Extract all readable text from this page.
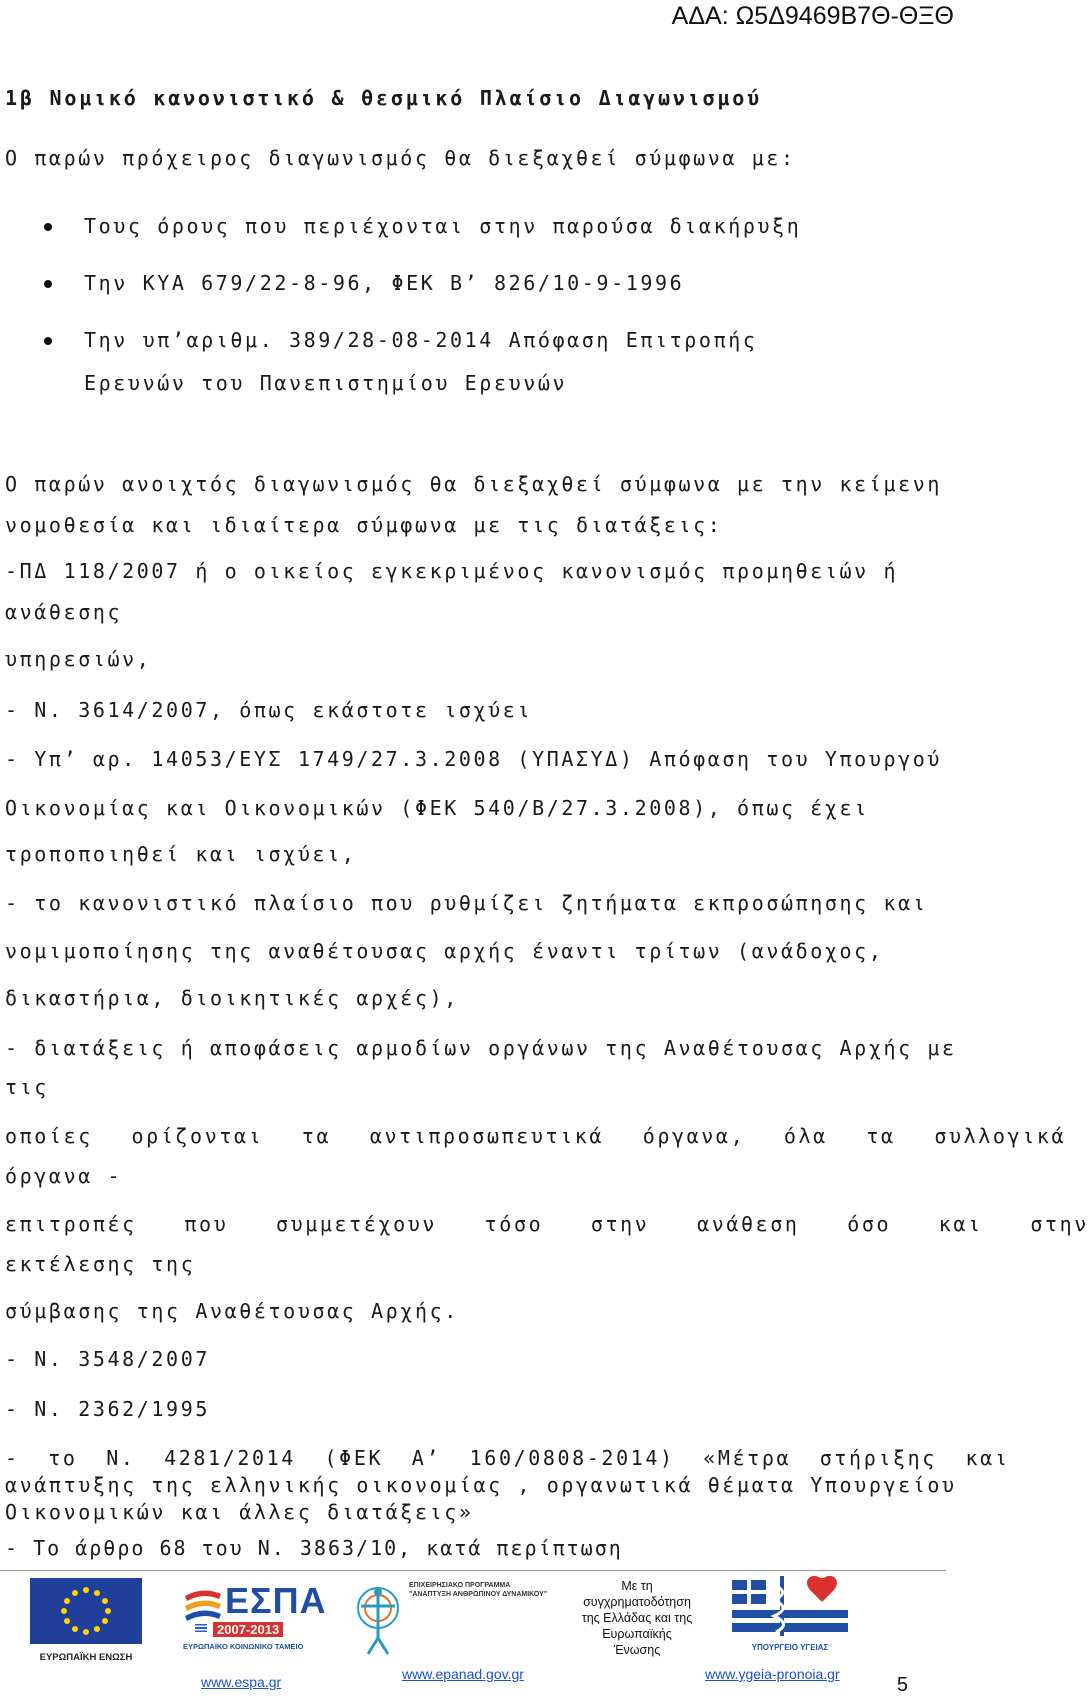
ΑΔΑ: Ω5Δ9469Β7Θ-ΘΞΘ
1β Νομικό κανονιστικό & θεσμικό Πλαίσιο Διαγωνισμού
Ο παρών πρόχειρος διαγωνισμός θα διεξαχθεί σύμφωνα με:
Τους όρους που περιέχονται στην παρούσα διακήρυξη
Την ΚΥΑ 679/22-8-96, ΦΕΚ Β’ 826/10-9-1996
Την υπ’αριθμ. 389/28-08-2014 Απόφαση Επιτροπής
Ερευνών του Πανεπιστημίου Ερευνών
Ο παρών ανοιχτός διαγωνισμός θα διεξαχθεί σύμφωνα με την κείμενη
νομοθεσία και ιδιαίτερα σύμφωνα με τις διατάξεις:
-ΠΔ 118/2007 ή ο οικείος εγκεκριμένος κανονισμός προμηθειών ή
ανάθεσης
υπηρεσιών,
- Ν. 3614/2007, όπως εκάστοτε ισχύει
- Υπ’ αρ. 14053/ΕΥΣ 1749/27.3.2008 (ΥΠΑΣΥΔ) Απόφαση του Υπουργού
Οικονομίας και Οικονομικών (ΦΕΚ 540/Β/27.3.2008), όπως έχει
τροποποιηθεί και ισχύει,
- το κανονιστικό πλαίσιο που ρυθμίζει ζητήματα εκπροσώπησης και
νομιμοποίησης της αναθέτουσας αρχής έναντι τρίτων (ανάδοχος,
δικαστήρια, διοικητικές αρχές),
- διατάξεις ή αποφάσεις αρμοδίων οργάνων της Αναθέτουσας Αρχής με
τις
οποίες ορίζονται τα αντιπροσωπευτικά όργανα, όλα τα συλλογικά
όργανα -
επιτροπές που συμμετέχουν τόσο στην ανάθεση όσο και στην
εκτέλεσης της
σύμβασης της Αναθέτουσας Αρχής.
- Ν. 3548/2007
- Ν. 2362/1995
- το Ν. 4281/2014 (ΦΕΚ Α’ 160/0808-2014) «Μέτρα στήριξης και
ανάπτυξης της ελληνικής οικονομίας , οργανωτικά θέματα Υπουργείου
Οικονομικών και άλλες διατάξεις»
- Το άρθρο 68 του Ν. 3863/10, κατά περίπτωση
ΕΥΡΩΠΑΪΚΗ ΕΝΩΣΗ
ΕΣΠΑ
2007-2013
ΕΥΡΩΠΑΪΚΟ ΚΟΙΝΩΝΙΚΟ ΤΑΜΕΙΟ
ΕΠΙΧΕΙΡΗΣΙΑΚΟ ΠΡΟΓΡΑΜΜΑ
"ΑΝΑΠΤΥΞΗ ΑΝΘΡΩΠΙΝΟΥ ΔΥΝΑΜΙΚΟΥ"
Με τη
συγχρηματοδότηση
της Ελλάδας και της
Ευρωπαϊκής
Ένωσης	ΥΠΟΥΡΓΕΙΟ ΥΓΕΙΑΣ
www.espa.gr	www.epanad.gov.gr	www.ygeia-pronoia.gr	5
